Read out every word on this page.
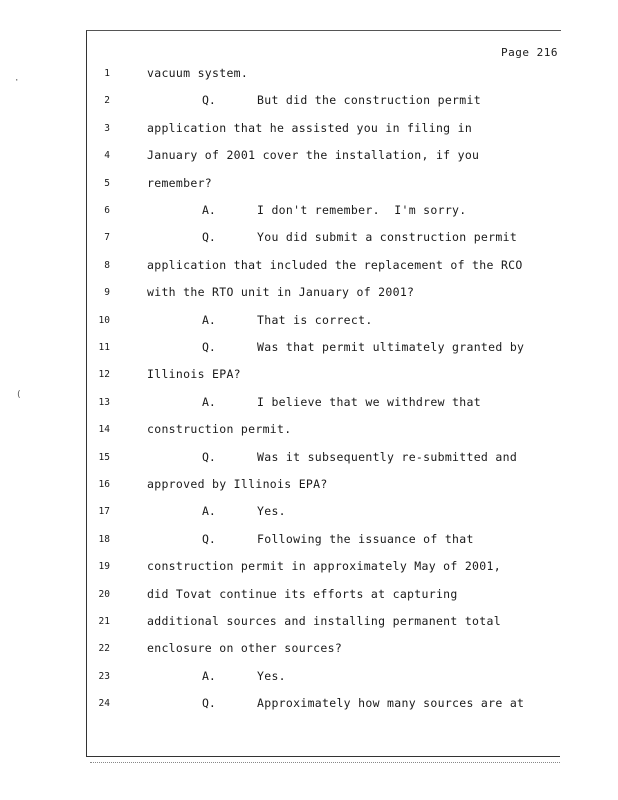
Page 216
1	vacuum system.
2	Q.	But did the construction permit
3	application that he assisted you in filing in
4	January of 2001 cover the installation, if you
5	remember?
6	A.	I don't remember.  I'm sorry.
7	Q.	You did submit a construction permit
8	application that included the replacement of the RCO
9	with the RTO unit in January of 2001?
10	A.	That is correct.
11	Q.	Was that permit ultimately granted by
12	Illinois EPA?
13	A.	I believe that we withdrew that
14	construction permit.
15	Q.	Was it subsequently re-submitted and
16	approved by Illinois EPA?
17	A.	Yes.
18	Q.	Following the issuance of that
19	construction permit in approximately May of 2001,
20	did Tovat continue its efforts at capturing
21	additional sources and installing permanent total
22	enclosure on other sources?
23	A.	Yes.
24	Q.	Approximately how many sources are at
·
(
